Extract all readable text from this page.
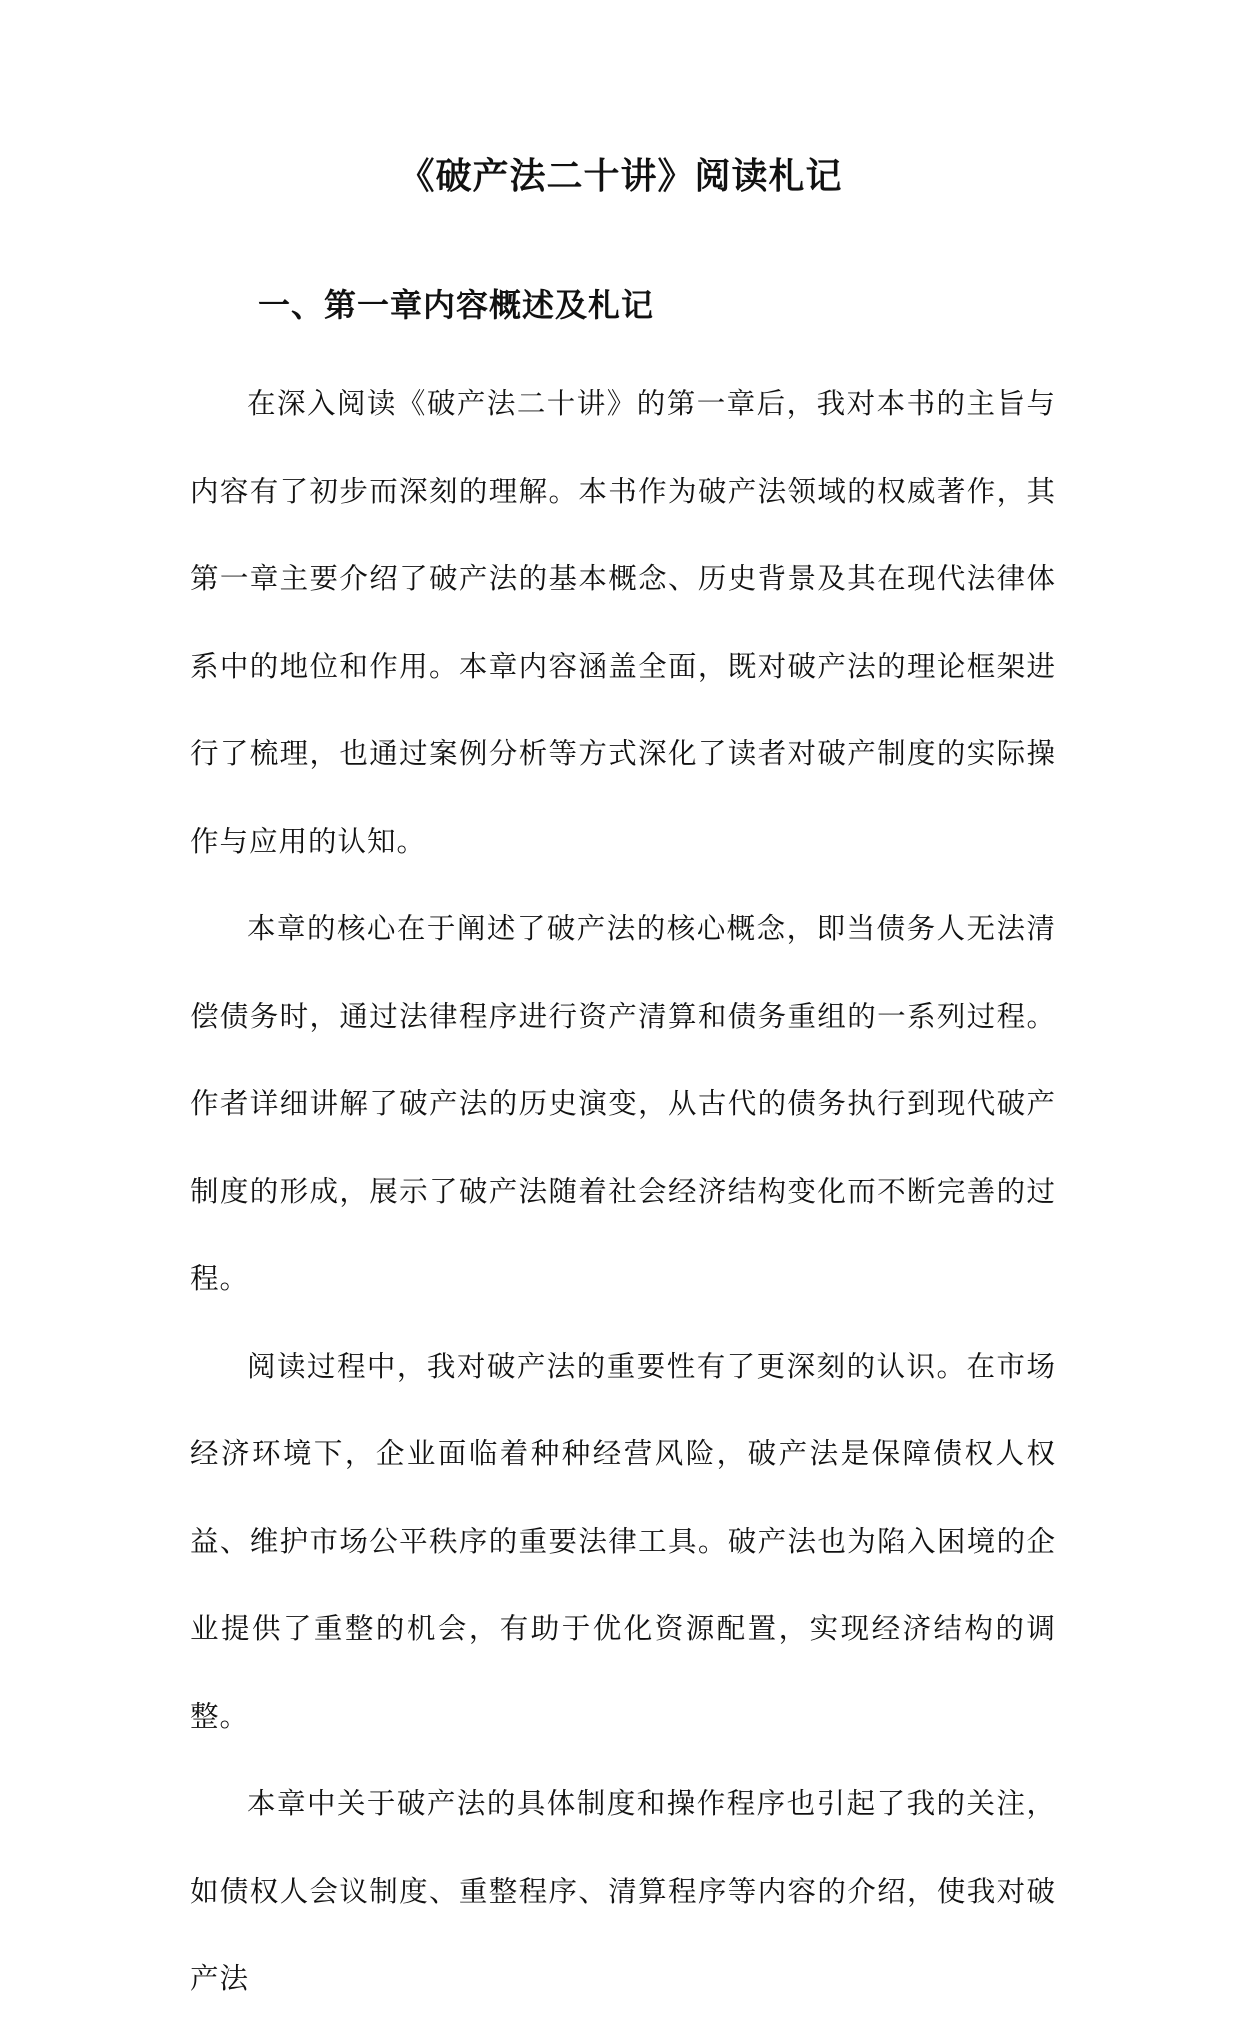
《破产法二十讲》阅读札记
一、第一章内容概述及札记

在深入阅读《破产法二十讲》的第一章后，我对本书的主旨与内容有了初步而深刻的理解。本书作为破产法领域的权威著作，其第一章主要介绍了破产法的基本概念、历史背景及其在现代法律体系中的地位和作用。本章内容涵盖全面，既对破产法的理论框架进行了梳理，也通过案例分析等方式深化了读者对破产制度的实际操作与应用的认知。

本章的核心在于阐述了破产法的核心概念，即当债务人无法清偿债务时，通过法律程序进行资产清算和债务重组的一系列过程。作者详细讲解了破产法的历史演变，从古代的债务执行到现代破产制度的形成，展示了破产法随着社会经济结构变化而不断完善的过程。

阅读过程中，我对破产法的重要性有了更深刻的认识。在市场经济环境下，企业面临着种种经营风险，破产法是保障债权人权益、维护市场公平秩序的重要法律工具。破产法也为陷入困境的企业提供了重整的机会，有助于优化资源配置，实现经济结构的调整。

本章中关于破产法的具体制度和操作程序也引起了我的关注，如债权人会议制度、重整程序、清算程序等内容的介绍，使我对破产法
